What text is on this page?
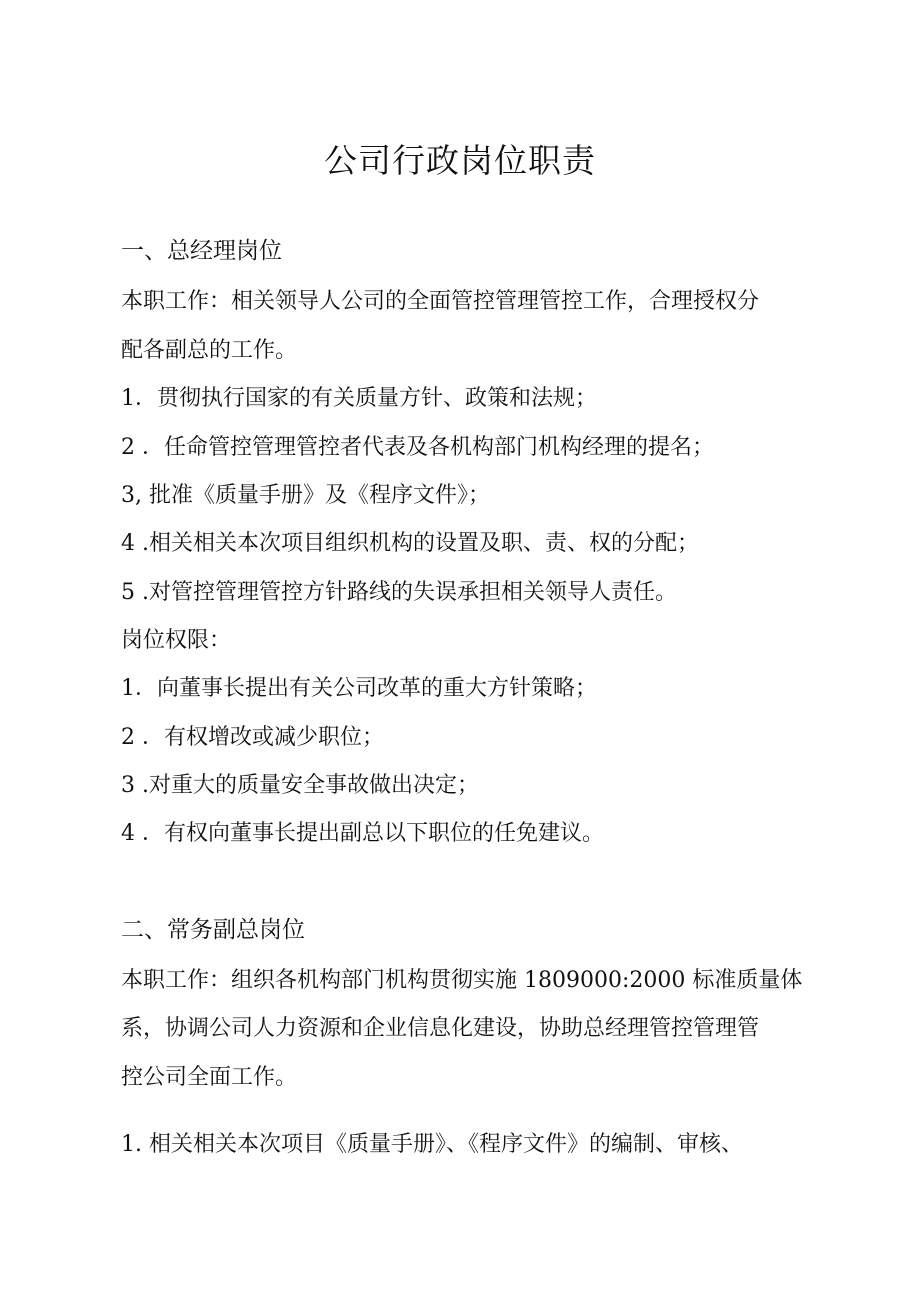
公司行政岗位职责

一、总经理岗位

本职工作：相关领导人公司的全面管控管理管控工作，合理授权分

配各副总的工作。

1．贯彻执行国家的有关质量方针、政策和法规；

2 ．任命管控管理管控者代表及各机构部门机构经理的提名；

3, 批准《质量手册》及《程序文件》；

4 .相关相关本次项目组织机构的设置及职、责、权的分配；

5 .对管控管理管控方针路线的失误承担相关领导人责任。

岗位权限：

1．向董事长提出有关公司改革的重大方针策略；

2 ．有权增改或减少职位；

3 .对重大的质量安全事故做出决定；

4 ．有权向董事长提出副总以下职位的任免建议。

二、常务副总岗位

本职工作：组织各机构部门机构贯彻实施 1809000:2000 标准质量体

系，协调公司人力资源和企业信息化建设，协助总经理管控管理管

控公司全面工作。

1. 相关相关本次项目《质量手册》、《程序文件》的编制、审核、
